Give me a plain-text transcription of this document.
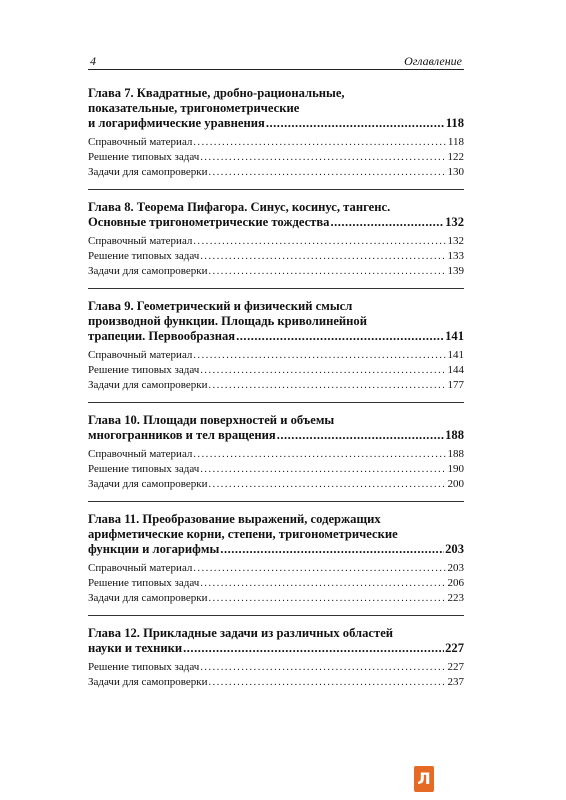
4	Оглавление
Глава 7. Квадратные, дробно-рациональные,
показательные, тригонометрические
и логарифмические уравнения .....	118
Справочный материал .....	118
Решение типовых задач .....	122
Задачи для самопроверки .....	130
Глава 8. Теорема Пифагора. Синус, косинус, тангенс.
Основные тригонометрические тождества .....	132
Справочный материал .....	132
Решение типовых задач .....	133
Задачи для самопроверки .....	139
Глава 9. Геометрический и физический смысл
производной функции. Площадь криволинейной
трапеции. Первообразная .....	141
Справочный материал .....	141
Решение типовых задач .....	144
Задачи для самопроверки .....	177
Глава 10. Площади поверхностей и объемы
многогранников и тел вращения .....	188
Справочный материал .....	188
Решение типовых задач .....	190
Задачи для самопроверки .....	200
Глава 11. Преобразование выражений, содержащих
арифметические корни, степени, тригонометрические
функции и логарифмы .....	203
Справочный материал .....	203
Решение типовых задач .....	206
Задачи для самопроверки .....	223
Глава 12. Прикладные задачи из различных областей
науки и техники .....	227
Решение типовых задач .....	227
Задачи для самопроверки .....	237
Л
